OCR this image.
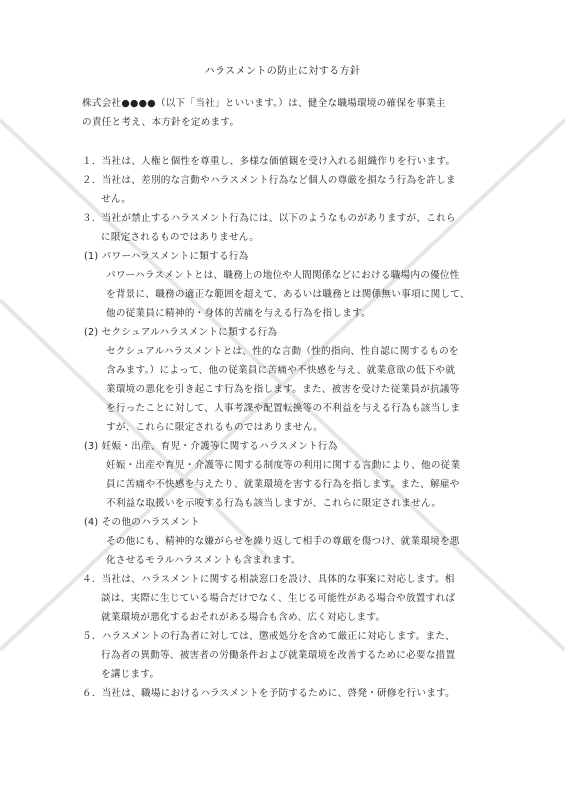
ハラスメントの防止に対する方針
株式会社●●●●（以下「当社」といいます。）は、健全な職場環境の確保を事業主
の責任と考え、本方針を定めます。
１．当社は、人権と個性を尊重し、多様な価値観を受け入れる組織作りを行います。
２．当社は、差別的な言動やハラスメント行為など個人の尊厳を損なう行為を許しま
せん。
３．当社が禁止するハラスメント行為には、以下のようなものがありますが、これら
に限定されるものではありません。
(1) パワーハラスメントに類する行為
パワーハラスメントとは、職務上の地位や人間関係などにおける職場内の優位性
を背景に、職務の適正な範囲を超えて、あるいは職務とは関係無い事項に関して、
他の従業員に精神的・身体的苦痛を与える行為を指します。
(2) セクシュアルハラスメントに類する行為
セクシュアルハラスメントとは、性的な言動（性的指向、性自認に関するものを
含みます。）によって、他の従業員に苦痛や不快感を与え、就業意欲の低下や就
業環境の悪化を引き起こす行為を指します。また、被害を受けた従業員が抗議等
を行ったことに対して、人事考課や配置転換等の不利益を与える行為も該当しま
すが、これらに限定されるものではありません。
(3) 妊娠・出産、育児・介護等に関するハラスメント行為
妊娠・出産や育児・介護等に関する制度等の利用に関する言動により、他の従業
員に苦痛や不快感を与えたり、就業環境を害する行為を指します。また、解雇や
不利益な取扱いを示唆する行為も該当しますが、これらに限定されません。
(4) その他のハラスメント
その他にも、精神的な嫌がらせを繰り返して相手の尊厳を傷つけ、就業環境を悪
化させるモラルハラスメントも含まれます。
４．当社は、ハラスメントに関する相談窓口を設け、具体的な事案に対応します。相
談は、実際に生じている場合だけでなく、生じる可能性がある場合や放置すれば
就業環境が悪化するおそれがある場合も含め、広く対応します。
５．ハラスメントの行為者に対しては、懲戒処分を含めて厳正に対応します。また、
行為者の異動等、被害者の労働条件および就業環境を改善するために必要な措置
を講じます。
６．当社は、職場におけるハラスメントを予防するために、啓発・研修を行います。
